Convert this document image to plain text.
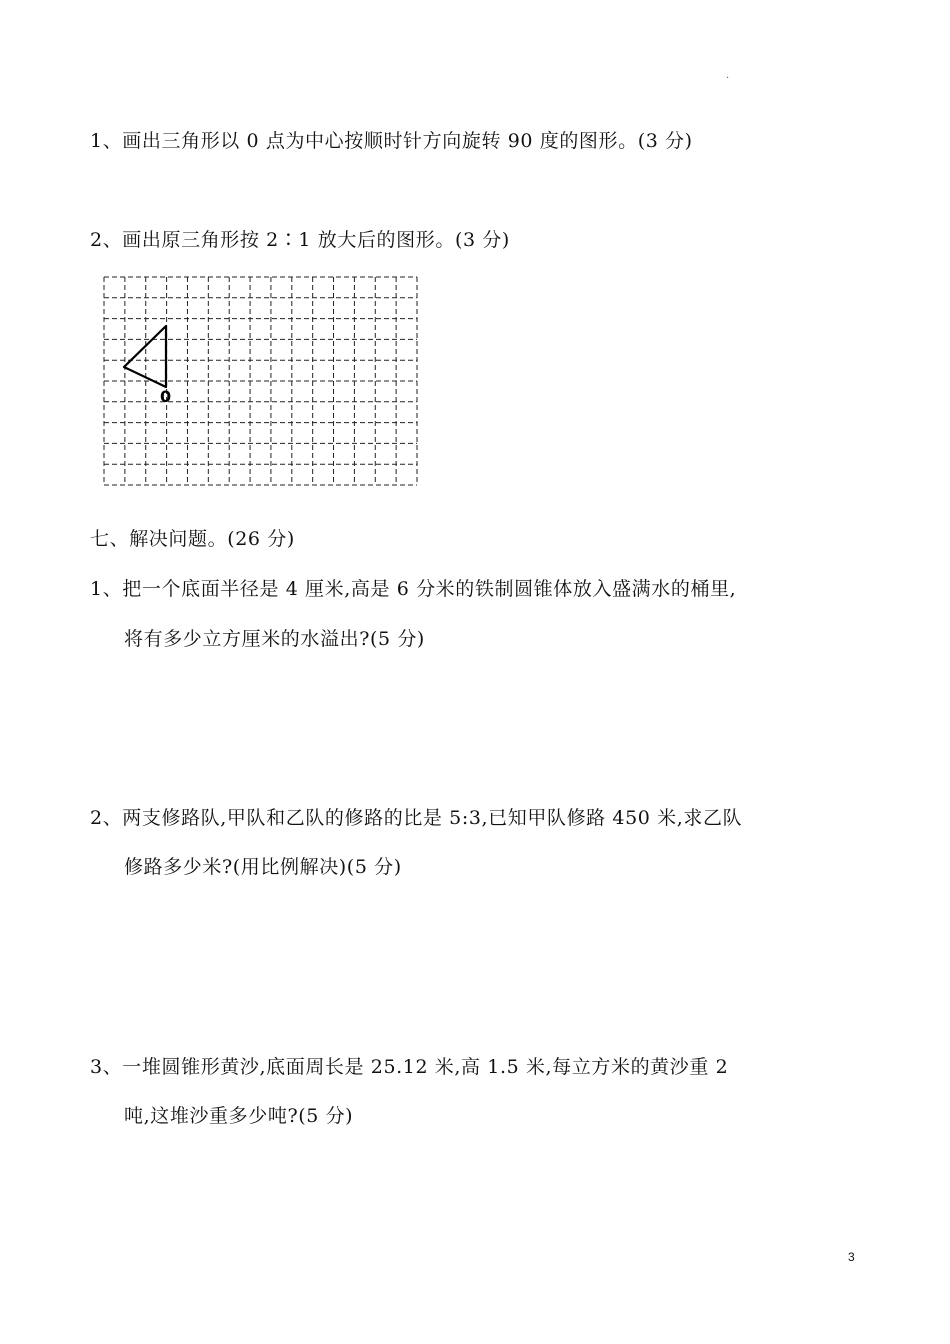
.
1、画出三角形以 0 点为中心按顺时针方向旋转 90 度的图形。(3 分)
2、画出原三角形按 2∶1 放大后的图形。(3 分)
0
七、解决问题。(26 分)
1、把一个底面半径是 4 厘米,高是 6 分米的铁制圆锥体放入盛满水的桶里,
将有多少立方厘米的水溢出?(5 分)
2、两支修路队,甲队和乙队的修路的比是 5:3,已知甲队修路 450 米,求乙队
修路多少米?(用比例解决)(5 分)
3、一堆圆锥形黄沙,底面周长是 25.12 米,高 1.5 米,每立方米的黄沙重 2
吨,这堆沙重多少吨?(5 分)
3
